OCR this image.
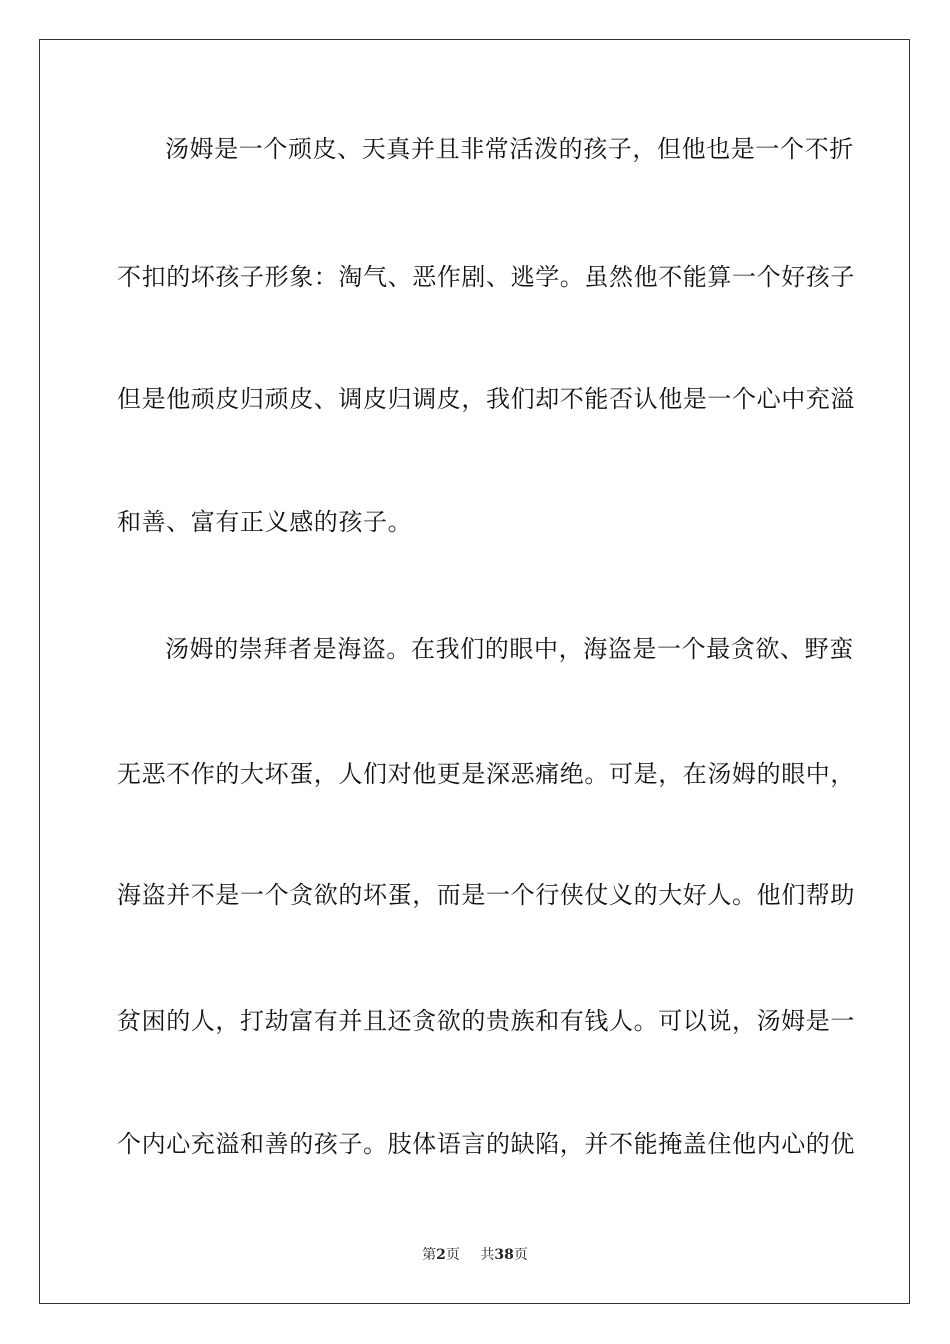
汤姆是一个顽皮、天真并且非常活泼的孩子，但他也是一个不折
不扣的坏孩子形象：淘气、恶作剧、逃学。虽然他不能算一个好孩子
但是他顽皮归顽皮、调皮归调皮，我们却不能否认他是一个心中充溢
和善、富有正义感的孩子。
汤姆的崇拜者是海盗。在我们的眼中，海盗是一个最贪欲、野蛮
无恶不作的大坏蛋，人们对他更是深恶痛绝。可是，在汤姆的眼中，
海盗并不是一个贪欲的坏蛋，而是一个行侠仗义的大好人。他们帮助
贫困的人，打劫富有并且还贪欲的贵族和有钱人。可以说，汤姆是一
个内心充溢和善的孩子。肢体语言的缺陷，并不能掩盖住他内心的优
第2页 共38页
